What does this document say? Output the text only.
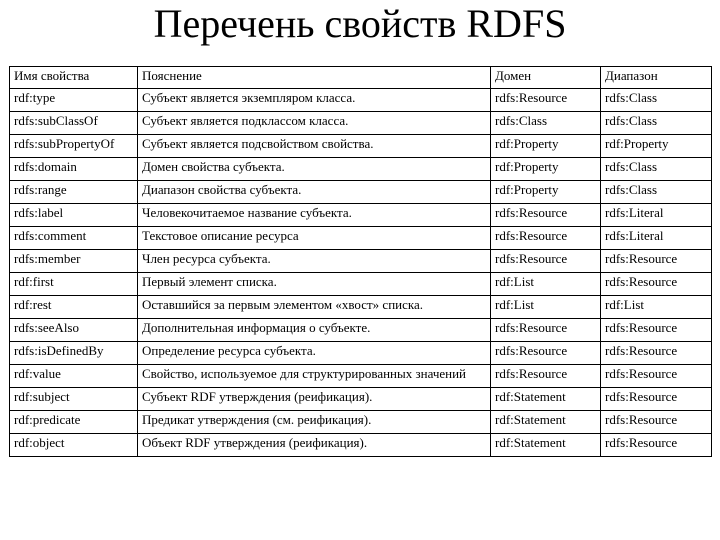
Перечень свойств RDFS
Имя свойства	Пояснение	Домен	Диапазон
rdf:type	Субъект является экземпляром класса.	rdfs:Resource	rdfs:Class
rdfs:subClassOf	Субъект является подклассом класса.	rdfs:Class	rdfs:Class
rdfs:subPropertyOf	Субъект является подсвойством свойства.	rdf:Property	rdf:Property
rdfs:domain	Домен свойства субъекта.	rdf:Property	rdfs:Class
rdfs:range	Диапазон свойства субъекта.	rdf:Property	rdfs:Class
rdfs:label	Человекочитаемое название субъекта.	rdfs:Resource	rdfs:Literal
rdfs:comment	Текстовое описание ресурса	rdfs:Resource	rdfs:Literal
rdfs:member	Член ресурса субъекта.	rdfs:Resource	rdfs:Resource
rdf:first	Первый элемент списка.	rdf:List	rdfs:Resource
rdf:rest	Оставшийся за первым элементом «хвост» списка.	rdf:List	rdf:List
rdfs:seeAlso	Дополнительная информация о субъекте.	rdfs:Resource	rdfs:Resource
rdfs:isDefinedBy	Определение ресурса субъекта.	rdfs:Resource	rdfs:Resource
rdf:value	Свойство, используемое для структурированных значений	rdfs:Resource	rdfs:Resource
rdf:subject	Субъект RDF утверждения (реификация).	rdf:Statement	rdfs:Resource
rdf:predicate	Предикат утверждения (см. реификация).	rdf:Statement	rdfs:Resource
rdf:object	Объект RDF утверждения (реификация).	rdf:Statement	rdfs:Resource
